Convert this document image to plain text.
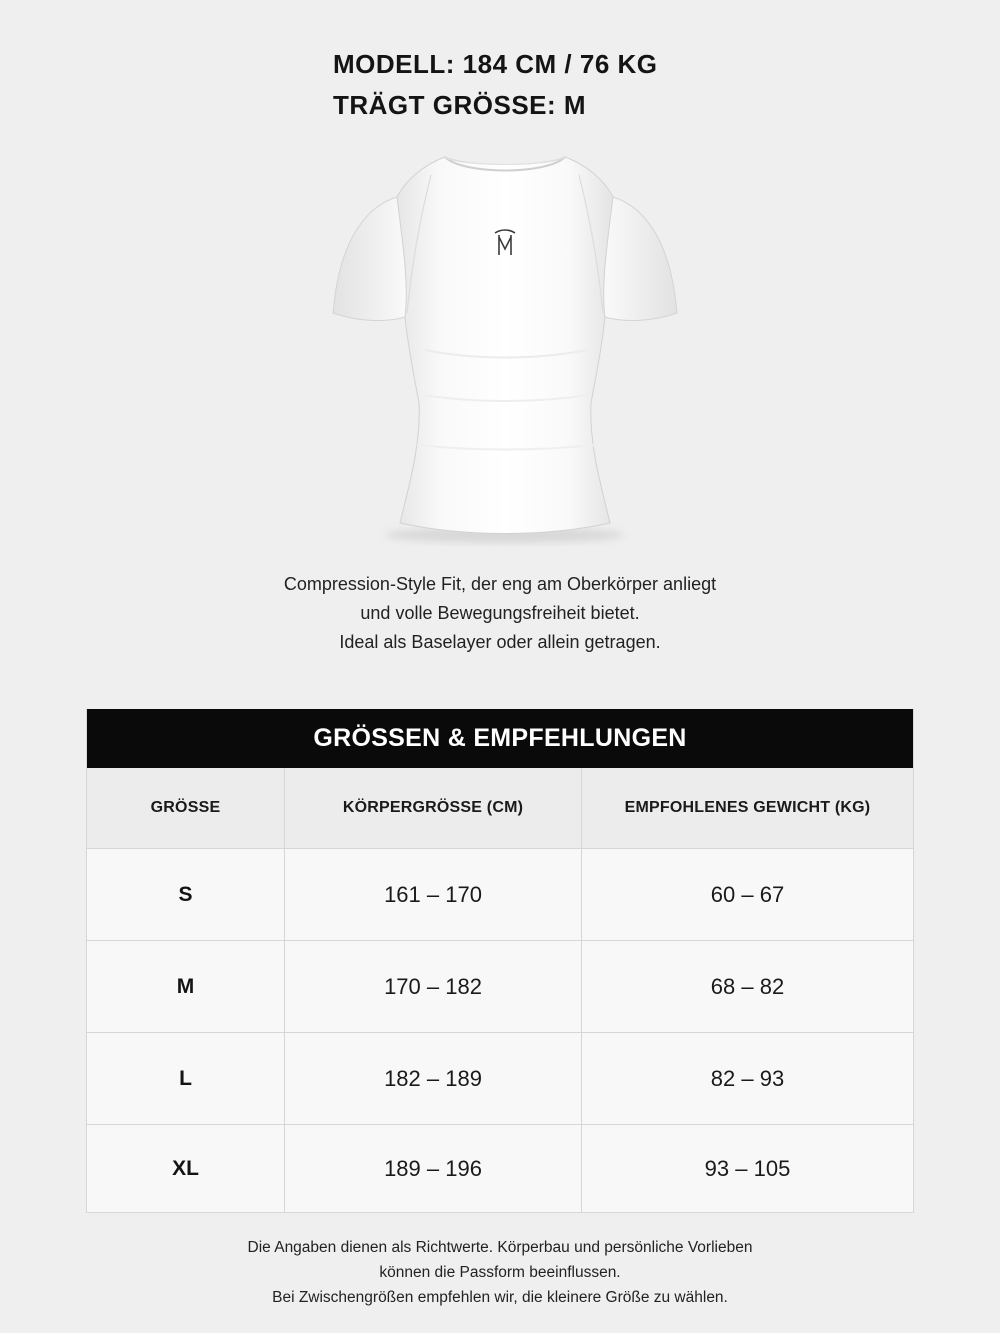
MODELL: 184 CM / 76 KG
TRÄGT GRÖSSE: M
Compression-Style Fit, der eng am Oberkörper anliegt
und volle Bewegungsfreiheit bietet.
Ideal als Baselayer oder allein getragen.
GRÖSSEN & EMPFEHLUNGEN
GRÖSSE	KÖRPERGRÖSSE (CM)	EMPFOHLENES GEWICHT (KG)
S	161 – 170	60 – 67
M	170 – 182	68 – 82
L	182 – 189	82 – 93
XL	189 – 196	93 – 105
Die Angaben dienen als Richtwerte. Körperbau und persönliche Vorlieben
können die Passform beeinflussen.
Bei Zwischengrößen empfehlen wir, die kleinere Größe zu wählen.
